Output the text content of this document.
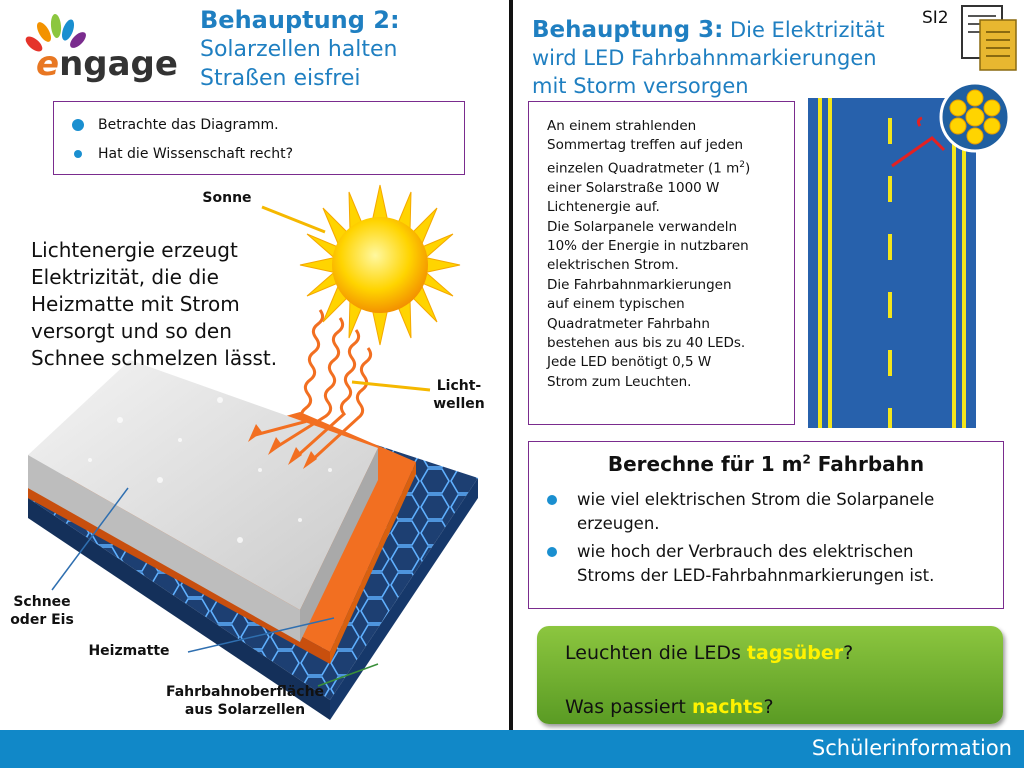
engage
Behauptung 2:
Solarzellen halten
Straßen eisfrei
Betrachte das Diagramm.
Hat die Wissenschaft recht?
Sonne
Licht-
wellen
Schnee
oder Eis
Heizmatte
Fahrbahnoberfläche
aus Solarzellen
Lichtenergie erzeugt
Elektrizität, die die
Heizmatte mit Strom
versorgt und so den
Schnee schmelzen lässt.
Behauptung 3: Die Elektrizität
wird LED Fahrbahnmarkierungen
mit Storm versorgen
SI2
An einem strahlenden
Sommertag treffen auf jeden
einzelen Quadratmeter (1 $m^2$)
einer Solarstraße 1000 W
Lichtenergie auf.
Die Solarpanele verwandeln
10% der Energie in nutzbaren
elektrischen Strom.
Die Fahrbahnmarkierungen
auf einem typischen
Quadratmeter Fahrbahn
bestehen aus bis zu 40 LEDs.
Jede LED benötigt 0,5 W
Strom zum Leuchten.
Berechne für 1 $m^2$ Fahrbahn
wie viel elektrischen Strom die Solarpanele
erzeugen.
wie hoch der Verbrauch des elektrischen
Stroms der LED-Fahrbahnmarkierungen ist.
Leuchten die LEDs tagsüber?
Was passiert nachts?
Schülerinformation
